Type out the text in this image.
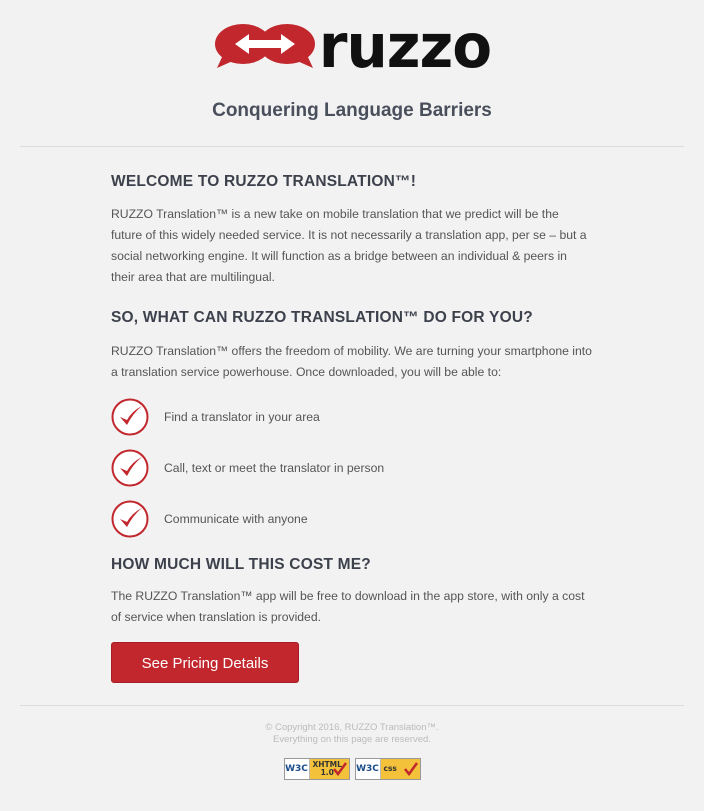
ruzzo
Conquering Language Barriers
WELCOME TO RUZZO TRANSLATION™!

RUZZO Translation™ is a new take on mobile translation that we predict will be the future of this widely needed service. It is not necessarily a translation app, per se – but a social networking engine. It will function as a bridge between an individual & peers in their area that are multilingual.

SO, WHAT CAN RUZZO TRANSLATION™ DO FOR YOU?

RUZZO Translation™ offers the freedom of mobility. We are turning your smartphone into a translation service powerhouse. Once downloaded, you will be able to:

Find a translator in your area
Call, text or meet the translator in person
Communicate with anyone
HOW MUCH WILL THIS COST ME?

The RUZZO Translation™ app will be free to download in the app store, with only a cost of service when translation is provided.

See Pricing Details
© Copyright 2016, RUZZO Translation™.
Everything on this page are reserved.
W3C XHTML
1.0	W3C css
